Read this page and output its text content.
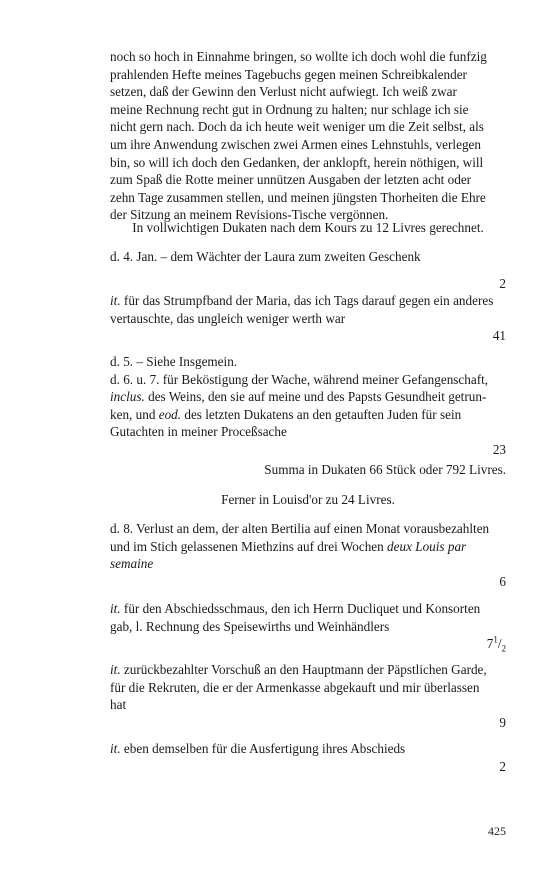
noch so hoch in Einnahme bringen, so wollte ich doch wohl die funfzig

prahlenden Hefte meines Tagebuchs gegen meinen Schreibkalender

setzen, daß der Gewinn den Verlust nicht aufwiegt. Ich weiß zwar

meine Rechnung recht gut in Ordnung zu halten; nur schlage ich sie

nicht gern nach. Doch da ich heute weit weniger um die Zeit selbst, als

um ihre Anwendung zwischen zwei Armen eines Lehnstuhls, verlegen

bin, so will ich doch den Gedanken, der anklopft, herein nöthigen, will

zum Spaß die Rotte meiner unnützen Ausgaben der letzten acht oder

zehn Tage zusammen stellen, und meinen jüngsten Thorheiten die Ehre

der Sitzung an meinem Revisions-Tische vergönnen.

In vollwichtigen Dukaten nach dem Kours zu 12 Livres gerechnet.

d. 4. Jan. – dem Wächter der Laura zum zweiten Geschenk

2

it. für das Strumpfband der Maria, das ich Tags darauf gegen ein anderes

vertauschte, das ungleich weniger werth war

41

d. 5. – Siehe Insgemein.

d. 6. u. 7. für Beköstigung der Wache, während meiner Gefangenschaft,

inclus. des Weins, den sie auf meine und des Papsts Gesundheit getrun-

ken, und eod. des letzten Dukatens an den getauften Juden für sein

Gutachten in meiner Proceßsache

23

Summa in Dukaten 66 Stück oder 792 Livres.

Ferner in Louisd'or zu 24 Livres.

d. 8. Verlust an dem, der alten Bertilia auf einen Monat vorausbezahlten

und im Stich gelassenen Miethzins auf drei Wochen deux Louis par

semaine

6

it. für den Abschiedsschmaus, den ich Herrn Ducliquet und Konsorten

gab, l. Rechnung des Speisewirths und Weinhändlers

$7^1/_2$

it. zurückbezahlter Vorschuß an den Hauptmann der Päpstlichen Garde,

für die Rekruten, die er der Armenkasse abgekauft und mir überlassen

hat

9

it. eben demselben für die Ausfertigung ihres Abschieds

2

425
